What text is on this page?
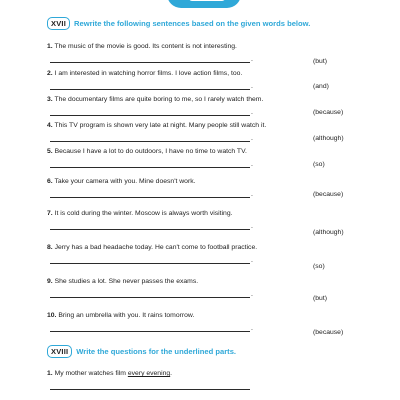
XVII	Rewrite the following sentences based on the given words below.
1. The music of the movie is good. Its content is not interesting.
.	(but)
2. I am interested in watching horror films. I love action films, too.
.	(and)
3. The documentary films are quite boring to me, so I rarely watch them.
.	(because)
4. This TV program is shown very late at night. Many people still watch it.
.	(although)
5. Because I have a lot to do outdoors, I have no time to watch TV.
.	(so)
6. Take your camera with you. Mine doesn't work.
.	(because)
7. It is cold during the winter. Moscow is always worth visiting.
.
(although)
8. Jerry has a bad headache today. He can't come to football practice.
.
(so)
9. She studies a lot. She never passes the exams.
.
(but)
10. Bring an umbrella with you. It rains tomorrow.
.
(because)
XVIII	Write the questions for the underlined parts.
1. My mother watches film every evening.
